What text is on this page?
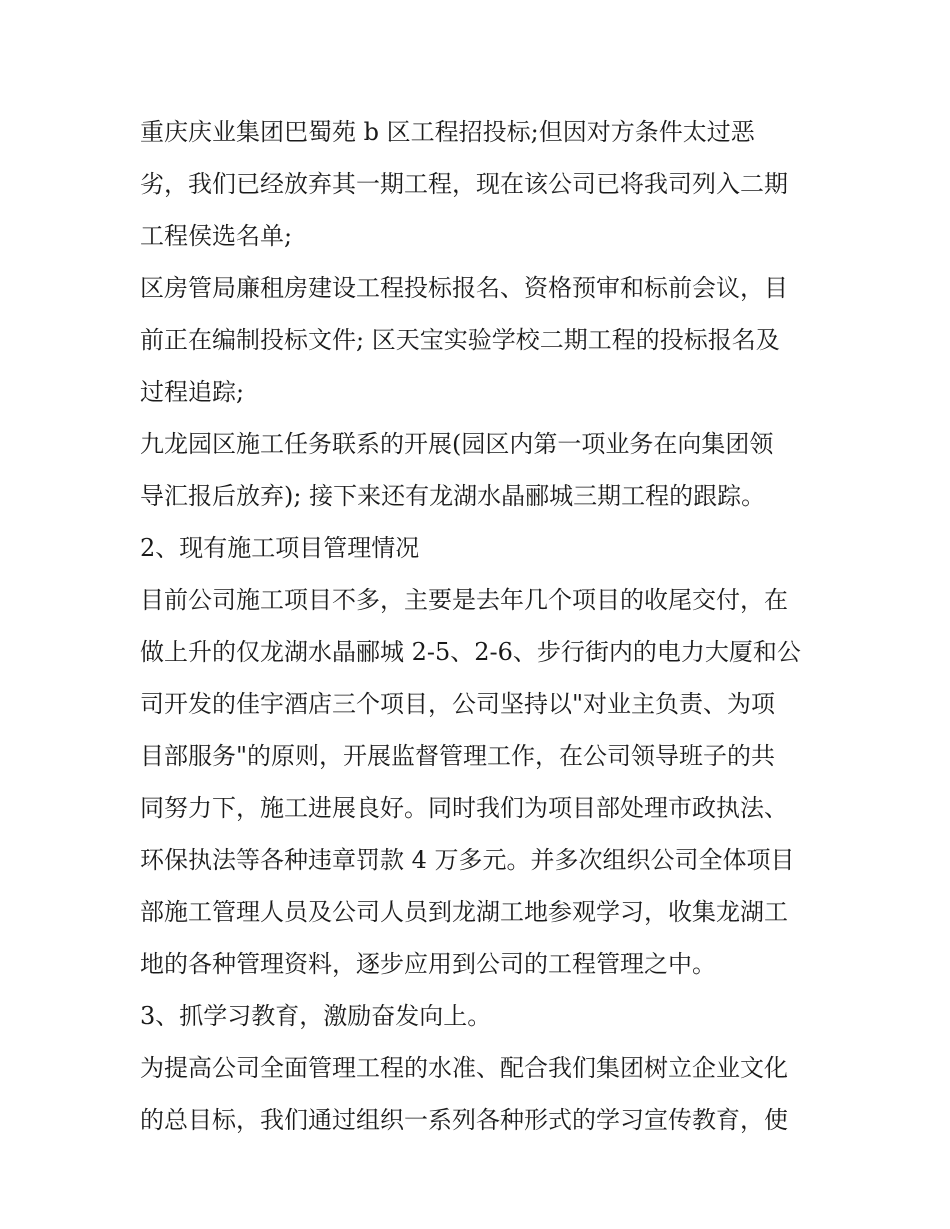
重庆庆业集团巴蜀苑 b 区工程招投标;但因对方条件太过恶
劣，我们已经放弃其一期工程，现在该公司已将我司列入二期
工程侯选名单;
区房管局廉租房建设工程投标报名、资格预审和标前会议，目
前正在编制投标文件; 区天宝实验学校二期工程的投标报名及
过程追踪;
九龙园区施工任务联系的开展(园区内第一项业务在向集团领
导汇报后放弃); 接下来还有龙湖水晶郦城三期工程的跟踪。
2、现有施工项目管理情况
目前公司施工项目不多，主要是去年几个项目的收尾交付，在
做上升的仅龙湖水晶郦城 2-5、2-6、步行街内的电力大厦和公
司开发的佳宇酒店三个项目，公司坚持以"对业主负责、为项
目部服务"的原则，开展监督管理工作，在公司领导班子的共
同努力下，施工进展良好。同时我们为项目部处理市政执法、
环保执法等各种违章罚款 4 万多元。并多次组织公司全体项目
部施工管理人员及公司人员到龙湖工地参观学习，收集龙湖工
地的各种管理资料，逐步应用到公司的工程管理之中。
3、抓学习教育，激励奋发向上。
为提高公司全面管理工程的水准、配合我们集团树立企业文化
的总目标，我们通过组织一系列各种形式的学习宣传教育，使
